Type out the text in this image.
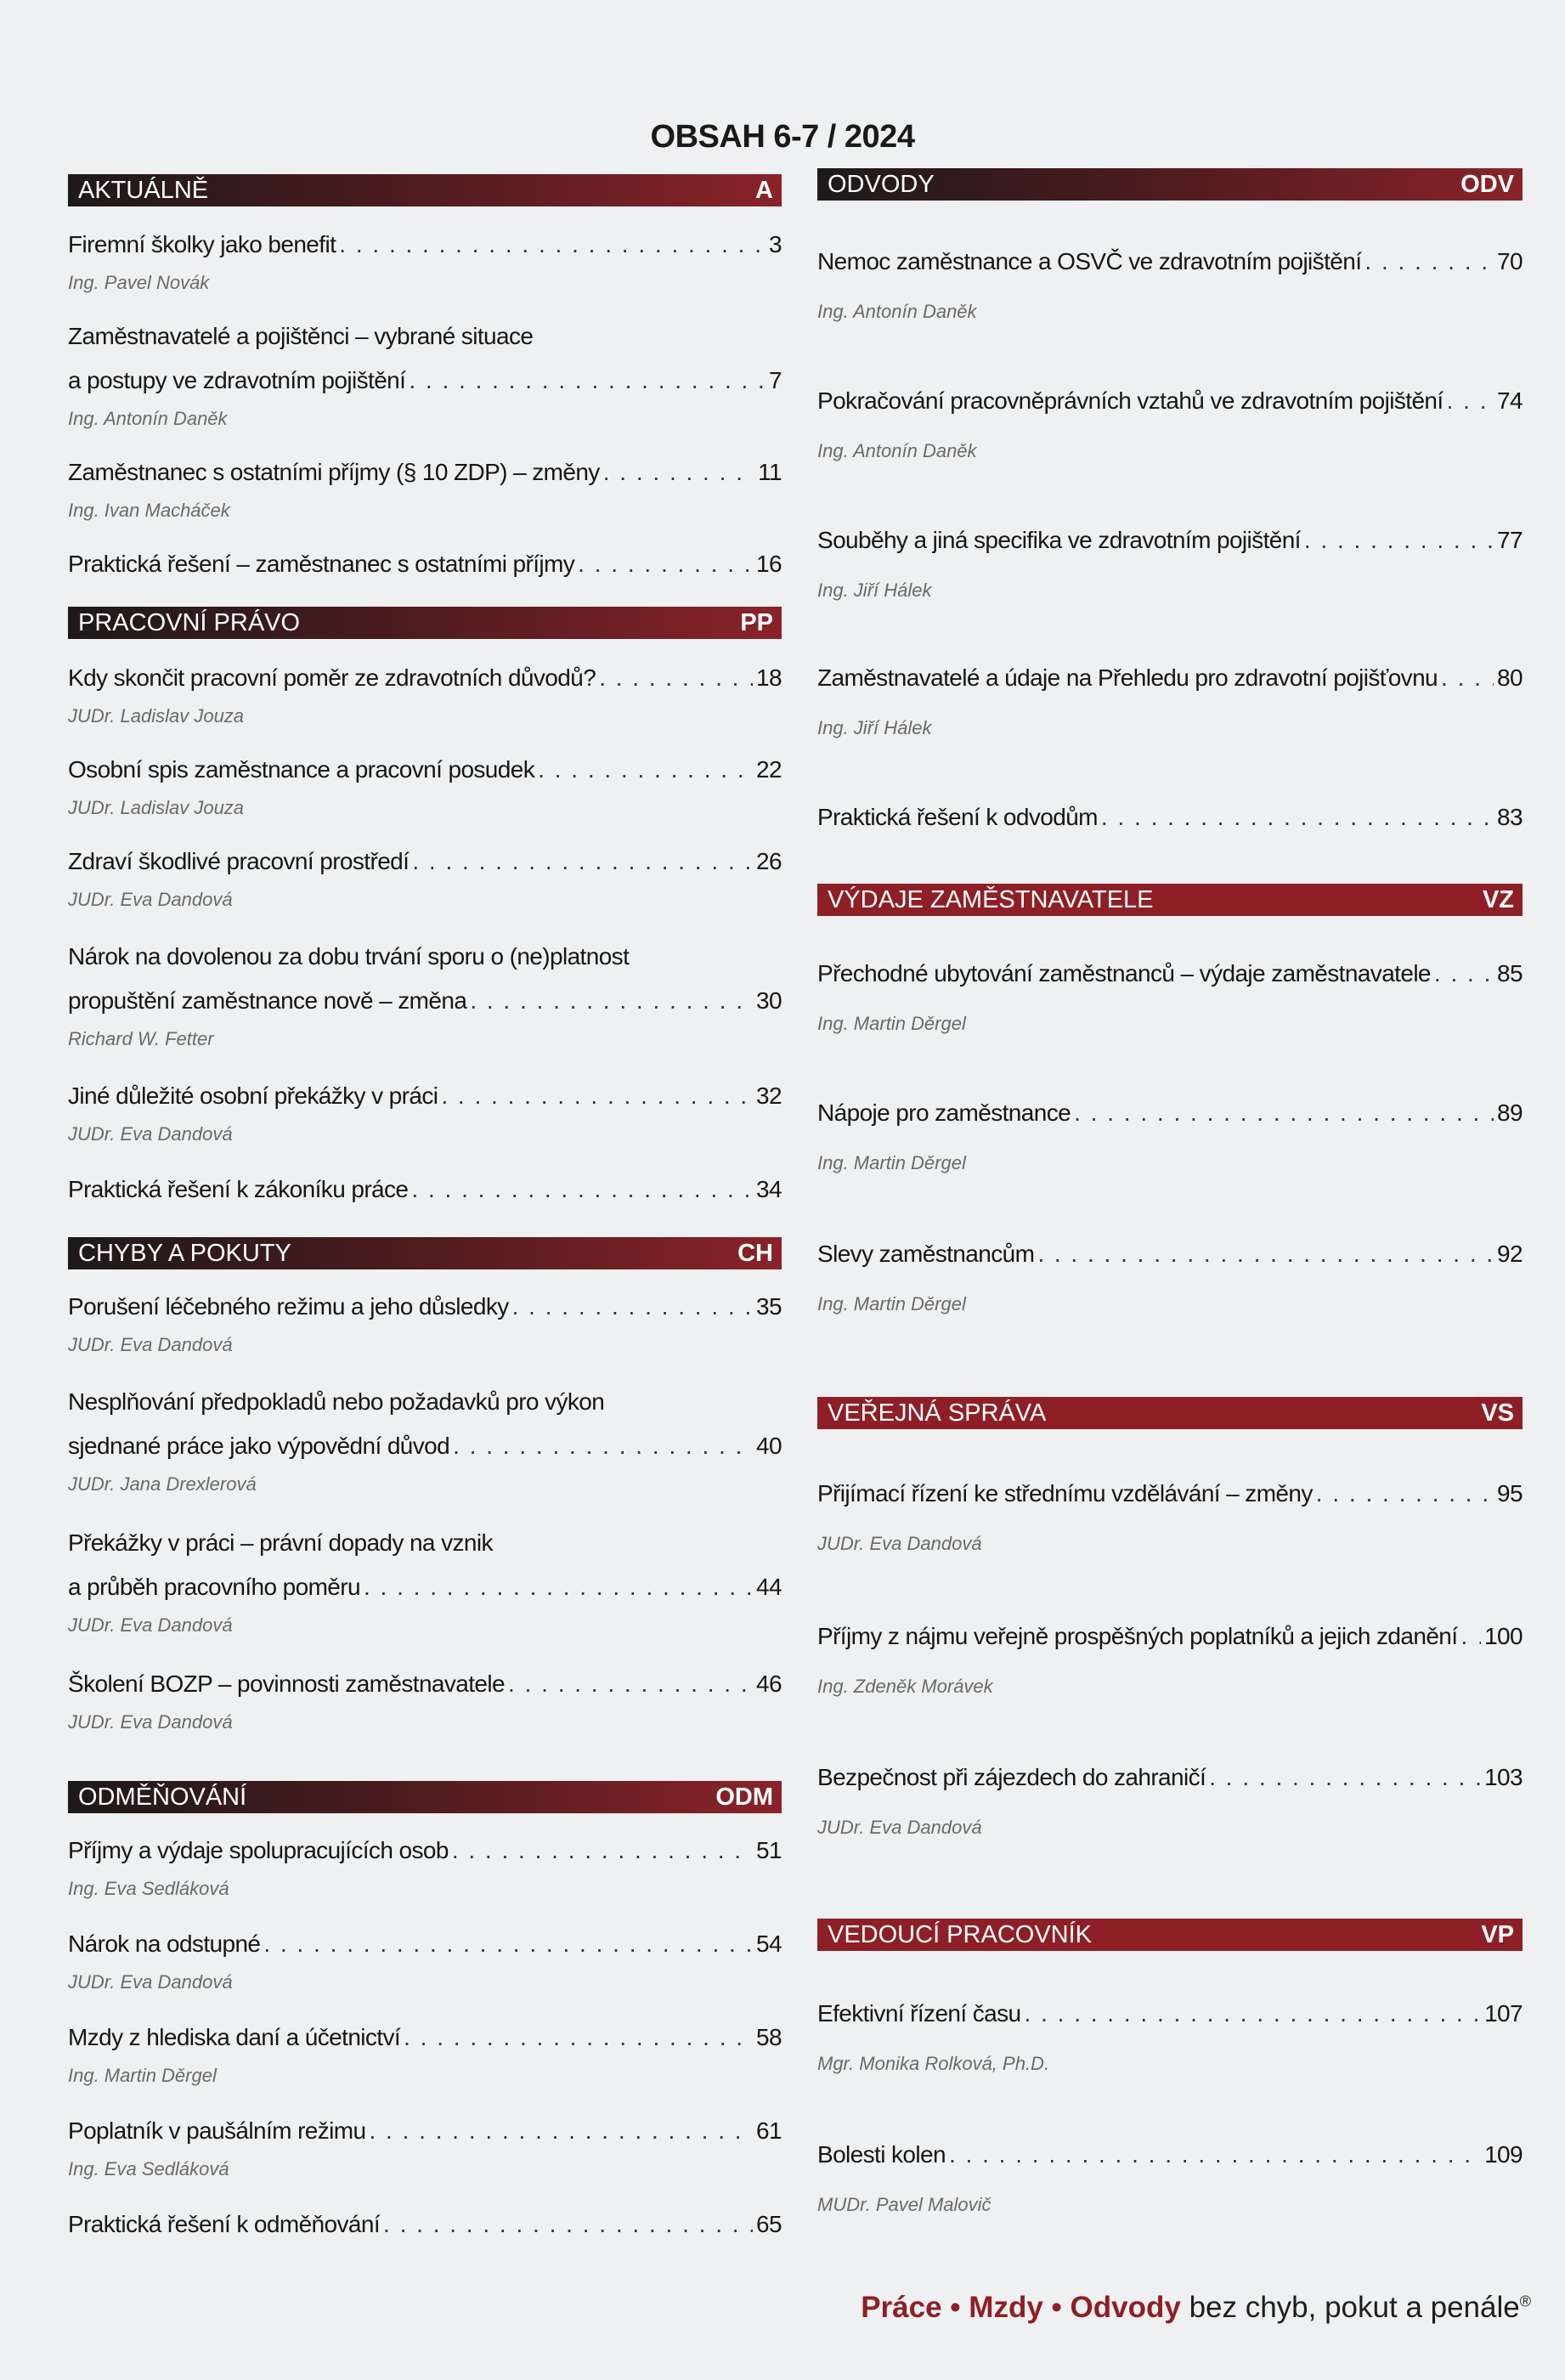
OBSAH 6-7 / 2024
AKTUÁLNĚ	A
Firemní školky jako benefit . . .	3
Ing. Pavel Novák
Zaměstnavatelé a pojištěnci – vybrané situace
a postupy ve zdravotním pojištění . . .	7
Ing. Antonín Daněk
Zaměstnanec s ostatními příjmy (§ 10 ZDP) – změny . . .	11
Ing. Ivan Macháček
Praktická řešení – zaměstnanec s ostatními příjmy . . .	16
PRACOVNÍ PRÁVO	PP
Kdy skončit pracovní poměr ze zdravotních důvodů? . . .	18
JUDr. Ladislav Jouza
Osobní spis zaměstnance a pracovní posudek . . .	22
JUDr. Ladislav Jouza
Zdraví škodlivé pracovní prostředí . . .	26
JUDr. Eva Dandová
Nárok na dovolenou za dobu trvání sporu o (ne)platnost
propuštění zaměstnance nově – změna . . .	30
Richard W. Fetter
Jiné důležité osobní překážky v práci . . .	32
JUDr. Eva Dandová
Praktická řešení k zákoníku práce . . .	34
CHYBY A POKUTY	CH
Porušení léčebného režimu a jeho důsledky . . .	35
JUDr. Eva Dandová
Nesplňování předpokladů nebo požadavků pro výkon
sjednané práce jako výpovědní důvod . . .	40
JUDr. Jana Drexlerová
Překážky v práci – právní dopady na vznik
a průběh pracovního poměru . . .	44
JUDr. Eva Dandová
Školení BOZP – povinnosti zaměstnavatele . . .	46
JUDr. Eva Dandová
ODMĚŇOVÁNÍ	ODM
Příjmy a výdaje spolupracujících osob . . .	51
Ing. Eva Sedláková
Nárok na odstupné . . .	54
JUDr. Eva Dandová
Mzdy z hlediska daní a účetnictví . . .	58
Ing. Martin Děrgel
Poplatník v paušálním režimu . . .	61
Ing. Eva Sedláková
Praktická řešení k odměňování . . .	65
ODVODY	ODV
Nemoc zaměstnance a OSVČ ve zdravotním pojištění . . .	70
Ing. Antonín Daněk
Pokračování pracovněprávních vztahů ve zdravotním pojištění . . . 74
Ing. Antonín Daněk
Souběhy a jiná specifika ve zdravotním pojištění . . .	77
Ing. Jiří Hálek
Zaměstnavatelé a údaje na Přehledu pro zdravotní pojišťovnu . . .	80
Ing. Jiří Hálek
Praktická řešení k odvodům . . .	83
VÝDAJE ZAMĚSTNAVATELE	VZ
Přechodné ubytování zaměstnanců – výdaje zaměstnavatele . . .	85
Ing. Martin Děrgel
Nápoje pro zaměstnance . . .	89
Ing. Martin Děrgel
Slevy zaměstnancům . . .	92
Ing. Martin Děrgel
VEŘEJNÁ SPRÁVA	VS
Přijímací řízení ke střednímu vzdělávání – změny . . .	95
JUDr. Eva Dandová
Příjmy z nájmu veřejně prospěšných poplatníků a jejich zdanění . . . 100
Ing. Zdeněk Morávek
Bezpečnost při zájezdech do zahraničí . . .	103
JUDr. Eva Dandová
VEDOUCÍ PRACOVNÍK	VP
Efektivní řízení času . . .	107
Mgr. Monika Rolková, Ph.D.
Bolesti kolen . . .	109
MUDr. Pavel Malovič
Práce • Mzdy • Odvody bez chyb, pokut a penále®
